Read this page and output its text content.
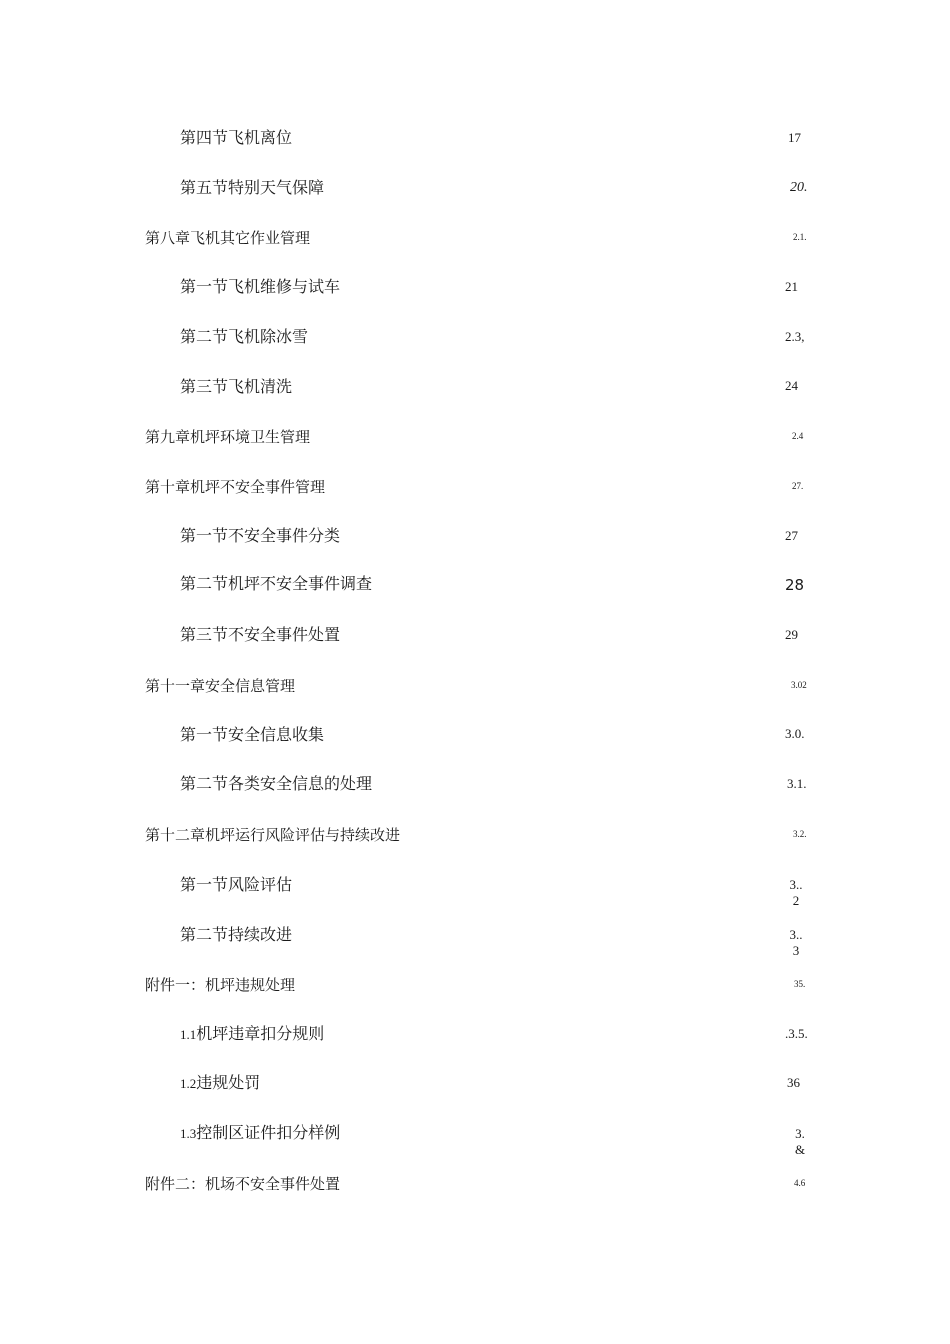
第四节飞机离位	17
第五节特别天气保障	20.
第八章飞机其它作业管理	2.1.
第一节飞机维修与试车	21
第二节飞机除冰雪	2.3,
第三节飞机清洗	24
第九章机坪环境卫生管理	2.4
第十章机坪不安全事件管理	27.
第一节不安全事件分类	27
第二节机坪不安全事件调查	28
第三节不安全事件处置	29
第十一章安全信息管理	3.02
第一节安全信息收集	3.0.
第二节各类安全信息的处理	3.1.
第十二章机坪运行风险评估与持续改进	3.2.
第一节风险评估	3..
2
第二节持续改进	3..
3
附件一：机坪违规处理	35.
1.1机坪违章扣分规则	.3.5.
1.2违规处罚	36
1.3控制区证件扣分样例	3.
&
附件二：机场不安全事件处置	4.6
